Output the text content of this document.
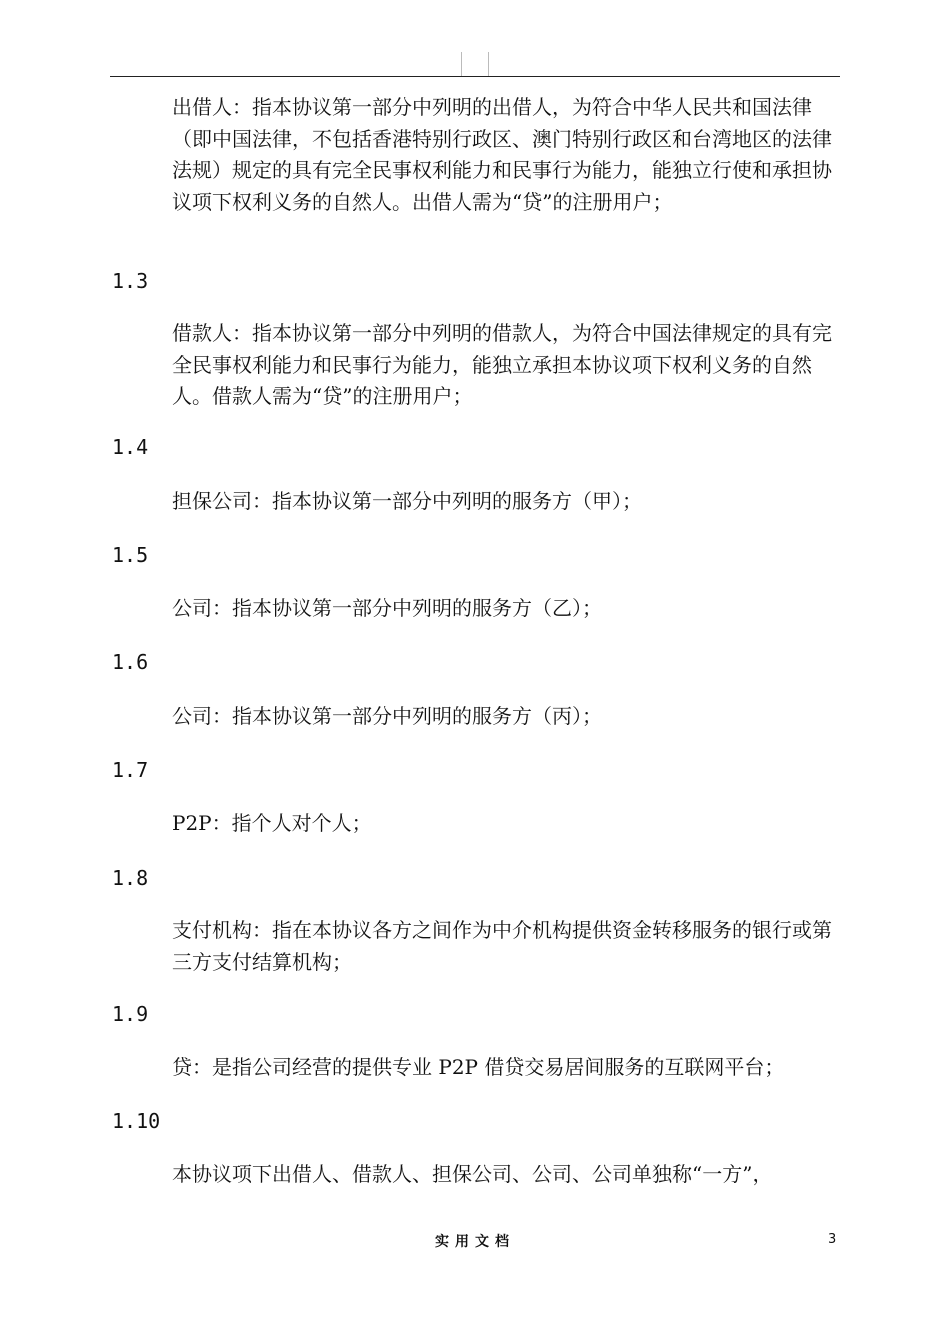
出借人：指本协议第一部分中列明的出借人，为符合中华人民共和国法律（即中国法律，不包括香港特别行政区、澳门特别行政区和台湾地区的法律法规）规定的具有完全民事权利能力和民事行为能力，能独立行使和承担协议项下权利义务的自然人。出借人需为“贷”的注册用户；

1.3

借款人：指本协议第一部分中列明的借款人，为符合中国法律规定的具有完全民事权利能力和民事行为能力，能独立承担本协议项下权利义务的自然人。借款人需为“贷”的注册用户；

1.4

担保公司：指本协议第一部分中列明的服务方（甲）；

1.5

公司：指本协议第一部分中列明的服务方（乙）；

1.6

公司：指本协议第一部分中列明的服务方（丙）；

1.7

P2P：指个人对个人；

1.8

支付机构：指在本协议各方之间作为中介机构提供资金转移服务的银行或第三方支付结算机构；

1.9

贷：是指公司经营的提供专业 P2P 借贷交易居间服务的互联网平台；

1.10

本协议项下出借人、借款人、担保公司、公司、公司单独称“一方”，

实用文档	3
